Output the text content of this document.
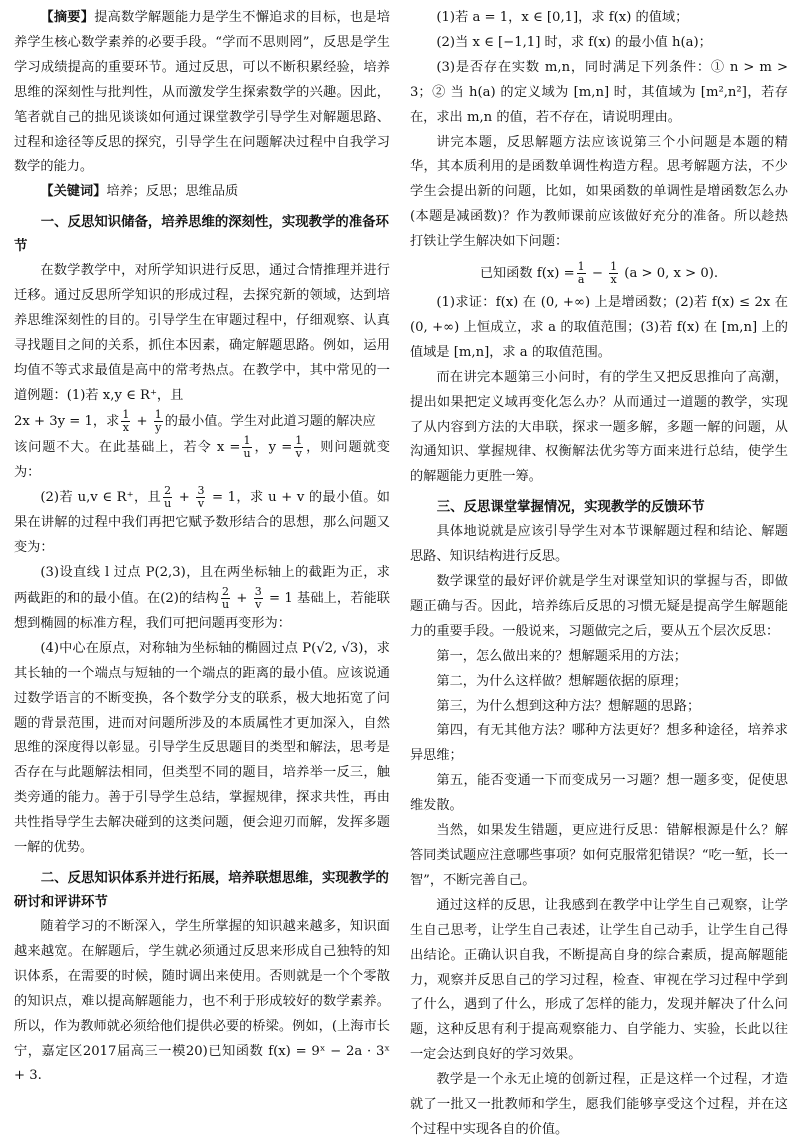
【摘要】提高数学解题能力是学生不懈追求的目标，也是培养学生核心数学素养的必要手段。“学而不思则罔”，反思是学生学习成绩提高的重要环节。通过反思，可以不断积累经验，培养思维的深刻性与批判性，从而激发学生探索数学的兴趣。因此，笔者就自己的拙见谈谈如何通过课堂教学引导学生对解题思路、过程和途径等反思的探究，引导学生在问题解决过程中自我学习数学的能力。

【关键词】培养；反思；思维品质

一、反思知识储备，培养思维的深刻性，实现教学的准备环节

在数学教学中，对所学知识进行反思，通过合情推理并进行迁移。通过反思所学知识的形成过程，去探究新的领域，达到培养思维深刻性的目的。引导学生在审题过程中，仔细观察、认真寻找题目之间的关系，抓住本因素，确定解题思路。例如，运用均值不等式求最值是高中的常考热点。在教学中，其中常见的一道例题：(1)若 x,y ∈ R⁺，且

2x + 3y = 1，求 $\frac{1}{x} + \frac{1}{y}$ 的最小值。学生对此道习题的解决应

该问题不大。在此基础上，若令 $x = \frac{1}{u}$ ，$y = \frac{1}{v}$ ，则问题就变为：

(2)若 u,v ∈ R⁺，且 $\frac{2}{u} + \frac{3}{v} = 1$，求 u + v 的最小值。如果在讲解的过程中我们再把它赋予数形结合的思想，那么问题又变为：

(3)设直线 l 过点 P(2,3)，且在两坐标轴上的截距为正，求两截距的和的最小值。在(2)的结构 $\frac{2}{u} + \frac{3}{v} = 1$ 基础上，若能联想到椭圆的标准方程，我们可把问题再变形为：

(4)中心在原点，对称轴为坐标轴的椭圆过点 P(√2, √3)，求其长轴的一个端点与短轴的一个端点的距离的最小值。应该说通过数学语言的不断变换，各个数学分支的联系，极大地拓宽了问题的背景范围，进而对问题所涉及的本质属性才更加深入，自然思维的深度得以彰显。引导学生反思题目的类型和解法，思考是否存在与此题解法相同，但类型不同的题目，培养举一反三，触类旁通的能力。善于引导学生总结，掌握规律，探求共性，再由共性指导学生去解决碰到的这类问题，便会迎刃而解，发挥多题一解的优势。

二、反思知识体系并进行拓展，培养联想思维，实现教学的研讨和评讲环节

随着学习的不断深入，学生所掌握的知识越来越多，知识面越来越宽。在解题后，学生就必须通过反思来形成自己独特的知识体系，在需要的时候，随时调出来使用。否则就是一个个零散的知识点，难以提高解题能力，也不利于形成较好的数学素养。所以，作为教师就必须给他们提供必要的桥梁。例如，(上海市长宁，嘉定区2017届高三一模20)已知函数 f(x) = 9ˣ − 2a · 3ˣ + 3.

(1)若 a = 1，x ∈ [0,1]，求 f(x) 的值域；

(2)当 x ∈ [−1,1] 时，求 f(x) 的最小值 h(a)；

(3)是否存在实数 m,n，同时满足下列条件：① n > m > 3；② 当 h(a) 的定义域为 [m,n] 时，其值域为 [m²,n²]，若存在，求出 m,n 的值，若不存在，请说明理由。

讲完本题，反思解题方法应该说第三个小问题是本题的精华，其本质利用的是函数单调性构造方程。思考解题方法，不少学生会提出新的问题，比如，如果函数的单调性是增函数怎么办(本题是减函数)？作为教师课前应该做好充分的准备。所以趁热打铁让学生解决如下问题：

已知函数 $f(x) = \frac{1}{a} - \frac{1}{x} (a > 0$, x > 0).

(1)求证：f(x) 在 (0, +∞) 上是增函数；(2)若 f(x) ≤ 2x 在 (0, +∞) 上恒成立，求 a 的取值范围；(3)若 f(x) 在 [m,n] 上的值域是 [m,n]，求 a 的取值范围。

而在讲完本题第三小问时，有的学生又把反思推向了高潮，提出如果把定义域再变化怎么办？从而通过一道题的教学，实现了从内容到方法的大串联，探求一题多解，多题一解的问题，从沟通知识、掌握规律、权衡解法优劣等方面来进行总结，使学生的解题能力更胜一筹。

三、反思课堂掌握情况，实现教学的反馈环节

具体地说就是应该引导学生对本节课解题过程和结论、解题思路、知识结构进行反思。

数学课堂的最好评价就是学生对课堂知识的掌握与否，即做题正确与否。因此，培养练后反思的习惯无疑是提高学生解题能力的重要手段。一般说来，习题做完之后，要从五个层次反思：

第一，怎么做出来的？想解题采用的方法；

第二，为什么这样做？想解题依据的原理；

第三，为什么想到这种方法？想解题的思路；

第四，有无其他方法？哪种方法更好？想多种途径，培养求异思维；

第五，能否变通一下而变成另一习题？想一题多变，促使思维发散。

当然，如果发生错题，更应进行反思：错解根源是什么？解答同类试题应注意哪些事项？如何克服常犯错误？“吃一堑，长一智”，不断完善自己。

通过这样的反思，让我感到在教学中让学生自己观察，让学生自己思考，让学生自己表述，让学生自己动手，让学生自己得出结论。正确认识自我，不断提高自身的综合素质，提高解题能力，观察并反思自己的学习过程，检查、审视在学习过程中学到了什么，遇到了什么，形成了怎样的能力，发现并解决了什么问题，这种反思有利于提高观察能力、自学能力、实验，长此以往一定会达到良好的学习效果。

教学是一个永无止境的创新过程，正是这样一个过程，才造就了一批又一批教师和学生，愿我们能够享受这个过程，并在这个过程中实现各自的价值。
